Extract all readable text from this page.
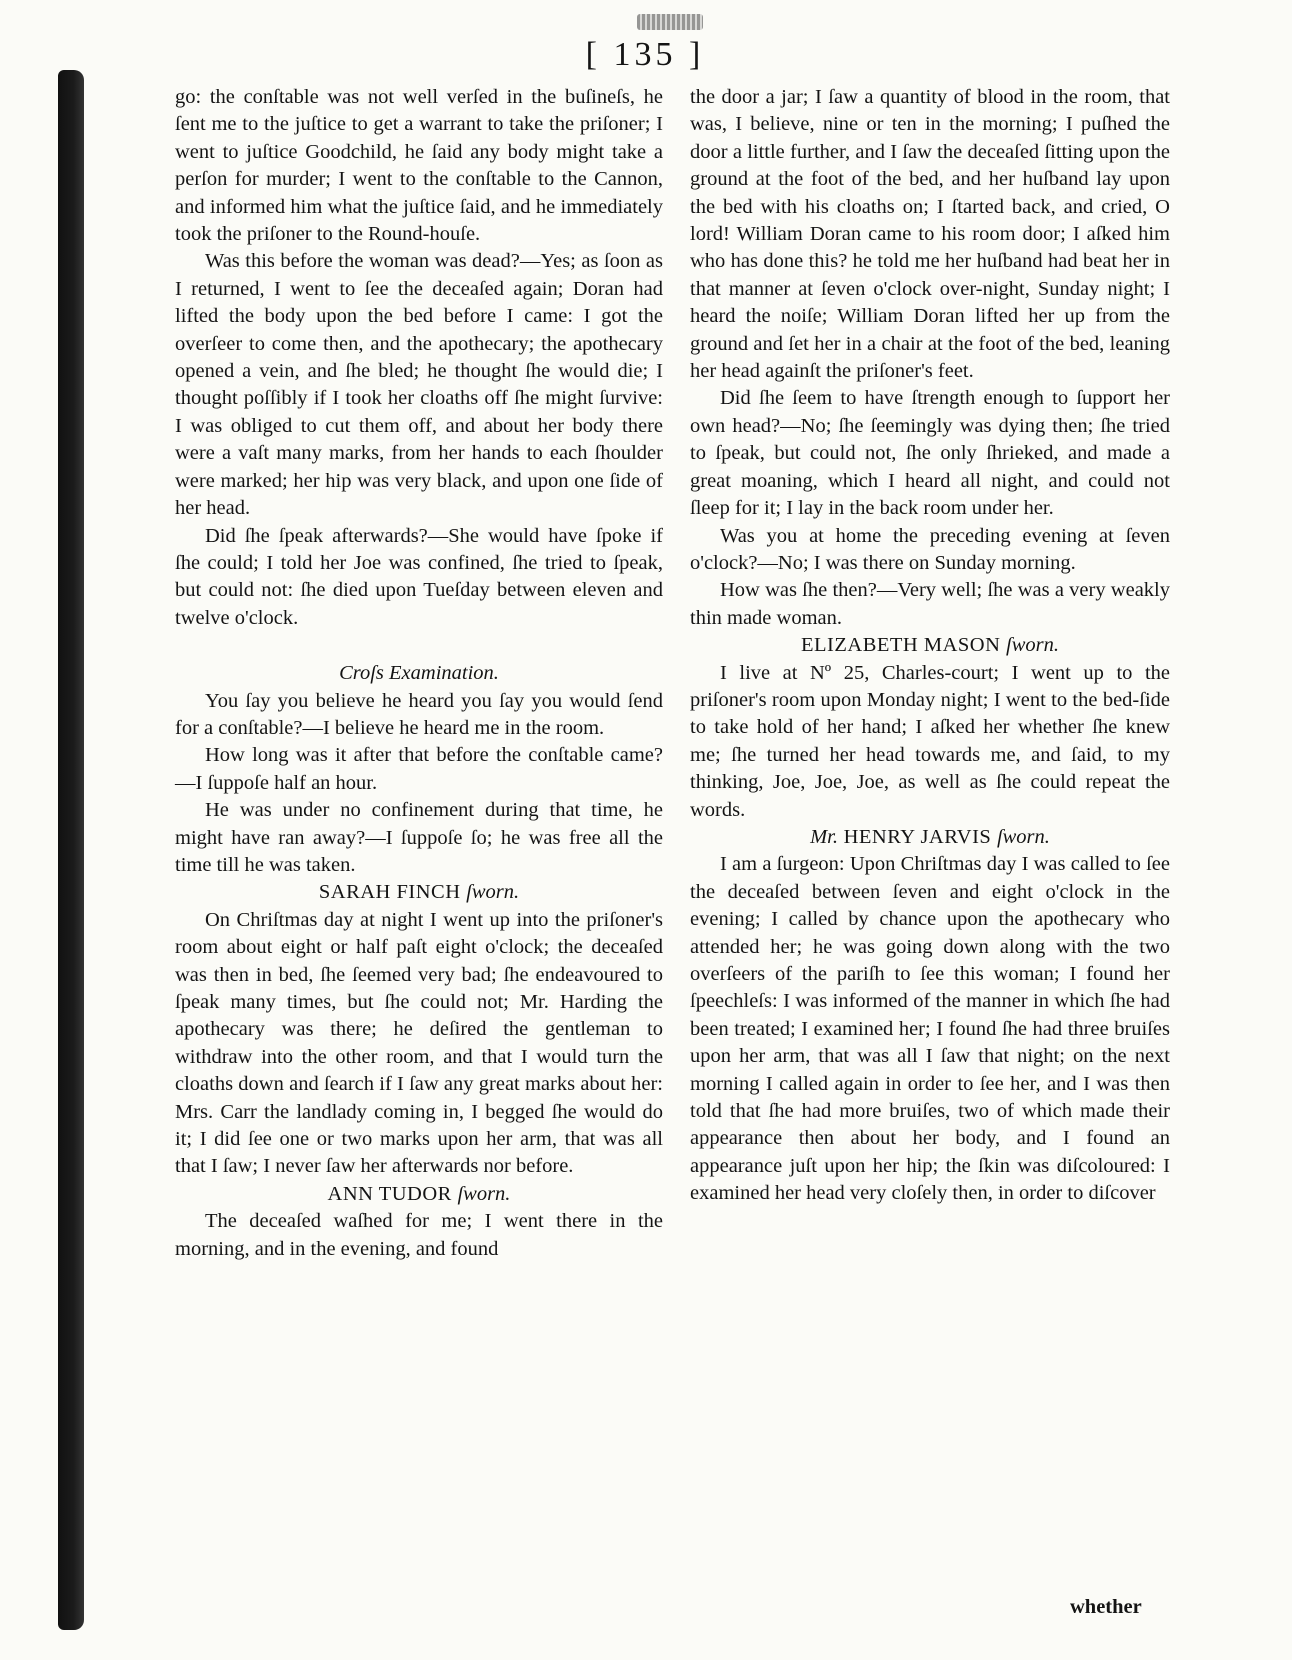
[ 135 ]

go: the conſtable was not well verſed in the buſineſs, he ſent me to the juſtice to get a warrant to take the priſoner; I went to juſtice Goodchild, he ſaid any body might take a perſon for murder; I went to the conſtable to the Cannon, and informed him what the juſtice ſaid, and he immediately took the priſoner to the Round-houſe.

Was this before the woman was dead?—Yes; as ſoon as I returned, I went to ſee the deceaſed again; Doran had lifted the body upon the bed before I came: I got the overſeer to come then, and the apothecary; the apothecary opened a vein, and ſhe bled; he thought ſhe would die; I thought poſſibly if I took her cloaths off ſhe might ſurvive: I was obliged to cut them off, and about her body there were a vaſt many marks, from her hands to each ſhoulder were marked; her hip was very black, and upon one ſide of her head.

Did ſhe ſpeak afterwards?—She would have ſpoke if ſhe could; I told her Joe was confined, ſhe tried to ſpeak, but could not: ſhe died upon Tueſday between eleven and twelve o'clock.

Croſs Examination.

You ſay you believe he heard you ſay you would ſend for a conſtable?—I believe he heard me in the room.

How long was it after that before the conſtable came?—I ſuppoſe half an hour.

He was under no confinement during that time, he might have ran away?—I ſuppoſe ſo; he was free all the time till he was taken.

SARAH FINCH ſworn.

On Chriſtmas day at night I went up into the priſoner's room about eight or half paſt eight o'clock; the deceaſed was then in bed, ſhe ſeemed very bad; ſhe endeavoured to ſpeak many times, but ſhe could not; Mr. Harding the apothecary was there; he deſired the gentleman to withdraw into the other room, and that I would turn the cloaths down and ſearch if I ſaw any great marks about her: Mrs. Carr the landlady coming in, I begged ſhe would do it; I did ſee one or two marks upon her arm, that was all that I ſaw; I never ſaw her afterwards nor before.

ANN TUDOR ſworn.

The deceaſed waſhed for me; I went there in the morning, and in the evening, and found

the door a jar; I ſaw a quantity of blood in the room, that was, I believe, nine or ten in the morning; I puſhed the door a little further, and I ſaw the deceaſed ſitting upon the ground at the foot of the bed, and her huſband lay upon the bed with his cloaths on; I ſtarted back, and cried, O lord! William Doran came to his room door; I aſked him who has done this? he told me her huſband had beat her in that manner at ſeven o'clock over-night, Sunday night; I heard the noiſe; William Doran lifted her up from the ground and ſet her in a chair at the foot of the bed, leaning her head againſt the priſoner's feet.

Did ſhe ſeem to have ſtrength enough to ſupport her own head?—No; ſhe ſeemingly was dying then; ſhe tried to ſpeak, but could not, ſhe only ſhrieked, and made a great moaning, which I heard all night, and could not ſleep for it; I lay in the back room under her.

Was you at home the preceding evening at ſeven o'clock?—No; I was there on Sunday morning.

How was ſhe then?—Very well; ſhe was a very weakly thin made woman.

ELIZABETH MASON ſworn.

I live at Nº 25, Charles-court; I went up to the priſoner's room upon Monday night; I went to the bed-ſide to take hold of her hand; I aſked her whether ſhe knew me; ſhe turned her head towards me, and ſaid, to my thinking, Joe, Joe, Joe, as well as ſhe could repeat the words.

Mr. HENRY JARVIS ſworn.

I am a ſurgeon: Upon Chriſtmas day I was called to ſee the deceaſed between ſeven and eight o'clock in the evening; I called by chance upon the apothecary who attended her; he was going down along with the two overſeers of the pariſh to ſee this woman; I found her ſpeechleſs: I was informed of the manner in which ſhe had been treated; I examined her; I found ſhe had three bruiſes upon her arm, that was all I ſaw that night; on the next morning I called again in order to ſee her, and I was then told that ſhe had more bruiſes, two of which made their appearance then about her body, and I found an appearance juſt upon her hip; the ſkin was diſcoloured: I examined her head very cloſely then, in order to diſcover

whether
